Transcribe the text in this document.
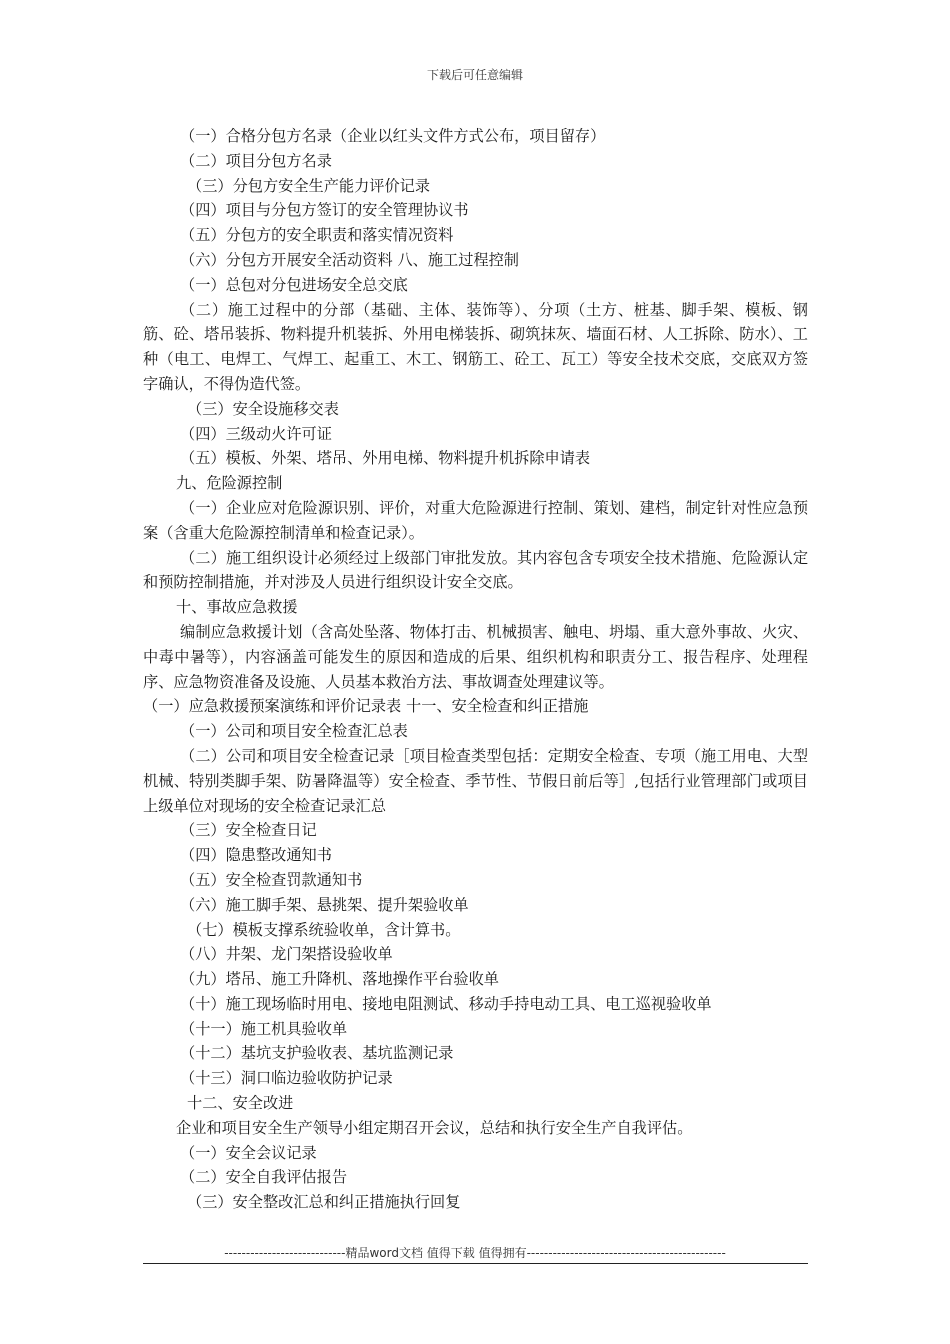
下载后可任意编辑

（一）合格分包方名录（企业以红头文件方式公布，项目留存）

（二）项目分包方名录

（三）分包方安全生产能力评价记录

（四）项目与分包方签订的安全管理协议书

（五）分包方的安全职责和落实情况资料

（六）分包方开展安全活动资料 八、施工过程控制

（一）总包对分包进场安全总交底

（二）施工过程中的分部（基础、主体、装饰等）、分项（土方、桩基、脚手架、模板、钢筋、砼、塔吊装拆、物料提升机装拆、外用电梯装拆、砌筑抹灰、墙面石材、人工拆除、防水）、工种（电工、电焊工、气焊工、起重工、木工、钢筋工、砼工、瓦工）等安全技术交底，交底双方签字确认，不得伪造代签。

（三）安全设施移交表

（四）三级动火许可证

（五）模板、外架、塔吊、外用电梯、物料提升机拆除申请表

九、危险源控制

（一）企业应对危险源识别、评价，对重大危险源进行控制、策划、建档，制定针对性应急预案（含重大危险源控制清单和检查记录）。

（二）施工组织设计必须经过上级部门审批发放。其内容包含专项安全技术措施、危险源认定和预防控制措施，并对涉及人员进行组织设计安全交底。

十、事故应急救援

编制应急救援计划（含高处坠落、物体打击、机械损害、触电、坍塌、重大意外事故、火灾、中毒中暑等），内容涵盖可能发生的原因和造成的后果、组织机构和职责分工、报告程序、处理程序、应急物资准备及设施、人员基本救治方法、事故调查处理建议等。

（一）应急救援预案演练和评价记录表 十一、安全检查和纠正措施

（一）公司和项目安全检查汇总表

（二）公司和项目安全检查记录［项目检查类型包括：定期安全检查、专项（施工用电、大型机械、特别类脚手架、防暑降温等）安全检查、季节性、节假日前后等］,包括行业管理部门或项目上级单位对现场的安全检查记录汇总

（三）安全检查日记

（四）隐患整改通知书

（五）安全检查罚款通知书

（六）施工脚手架、悬挑架、提升架验收单

（七）模板支撑系统验收单，含计算书。

（八）井架、龙门架搭设验收单

（九）塔吊、施工升降机、落地操作平台验收单

（十）施工现场临时用电、接地电阻测试、移动手持电动工具、电工巡视验收单

（十一）施工机具验收单

（十二）基坑支护验收表、基坑监测记录

（十三）洞口临边验收防护记录

十二、安全改进

企业和项目安全生产领导小组定期召开会议，总结和执行安全生产自我评估。

（一）安全会议记录

（二）安全自我评估报告

（三）安全整改汇总和纠正措施执行回复

----------------------------精品word文档 值得下载 值得拥有----------------------------------------------
